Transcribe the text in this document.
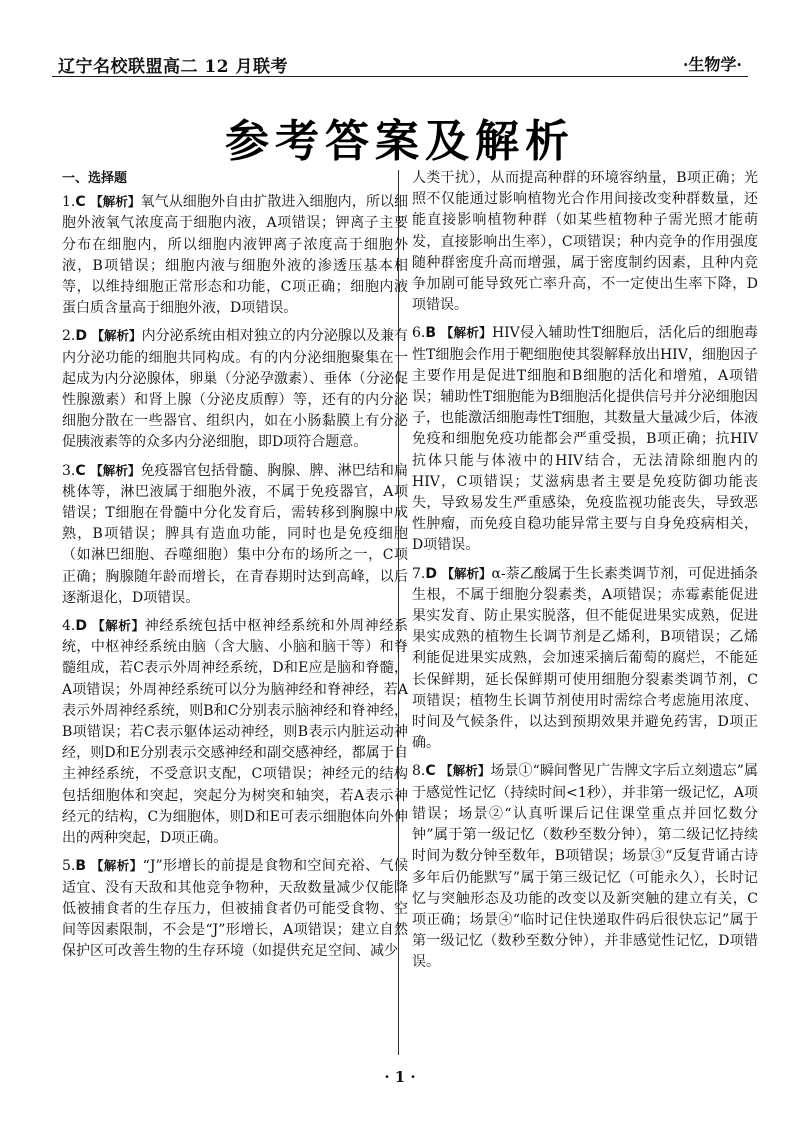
辽宁名校联盟高二 12 月联考	·生物学·
参考答案及解析
一、选择题
1.C 【解析】氧气从细胞外自由扩散进入细胞内，所以细胞外液氧气浓度高于细胞内液，A项错误；钾离子主要分布在细胞内，所以细胞内液钾离子浓度高于细胞外液，B项错误；细胞内液与细胞外液的渗透压基本相等，以维持细胞正常形态和功能，C项正确；细胞内液蛋白质含量高于细胞外液，D项错误。
2.D 【解析】内分泌系统由相对独立的内分泌腺以及兼有内分泌功能的细胞共同构成。有的内分泌细胞聚集在一起成为内分泌腺体，卵巢（分泌孕激素）、垂体（分泌促性腺激素）和肾上腺（分泌皮质醇）等，还有的内分泌细胞分散在一些器官、组织内，如在小肠黏膜上有分泌促胰液素等的众多内分泌细胞，即D项符合题意。
3.C 【解析】免疫器官包括骨髓、胸腺、脾、淋巴结和扁桃体等，淋巴液属于细胞外液，不属于免疫器官，A项错误；T细胞在骨髓中分化发育后，需转移到胸腺中成熟，B项错误；脾具有造血功能，同时也是免疫细胞（如淋巴细胞、吞噬细胞）集中分布的场所之一，C项正确；胸腺随年龄而增长，在青春期时达到高峰，以后逐渐退化，D项错误。
4.D 【解析】神经系统包括中枢神经系统和外周神经系统，中枢神经系统由脑（含大脑、小脑和脑干等）和脊髓组成，若C表示外周神经系统，D和E应是脑和脊髓，A项错误；外周神经系统可以分为脑神经和脊神经，若A表示外周神经系统，则B和C分别表示脑神经和脊神经，B项错误；若C表示躯体运动神经，则B表示内脏运动神经，则D和E分别表示交感神经和副交感神经，都属于自主神经系统，不受意识支配，C项错误；神经元的结构包括细胞体和突起，突起分为树突和轴突，若A表示神经元的结构，C为细胞体，则D和E可表示细胞体向外伸出的两种突起，D项正确。
5.B 【解析】“J”形增长的前提是食物和空间充裕、气候适宜、没有天敌和其他竞争物种，天敌数量减少仅能降低被捕食者的生存压力，但被捕食者仍可能受食物、空间等因素限制，不会是“J”形增长，A项错误；建立自然保护区可改善生物的生存环境（如提供充足空间、减少
人类干扰），从而提高种群的环境容纳量，B项正确；光照不仅能通过影响植物光合作用间接改变种群数量，还能直接影响植物种群（如某些植物种子需光照才能萌发，直接影响出生率），C项错误；种内竞争的作用强度随种群密度升高而增强，属于密度制约因素，且种内竞争加剧可能导致死亡率升高，不一定使出生率下降，D项错误。
6.B 【解析】HIV侵入辅助性T细胞后，活化后的细胞毒性T细胞会作用于靶细胞使其裂解释放出HIV，细胞因子主要作用是促进T细胞和B细胞的活化和增殖，A项错误；辅助性T细胞能为B细胞活化提供信号并分泌细胞因子，也能激活细胞毒性T细胞，其数量大量减少后，体液免疫和细胞免疫功能都会严重受损，B项正确；抗HIV抗体只能与体液中的HIV结合，无法清除细胞内的HIV，C项错误；艾滋病患者主要是免疫防御功能丧失，导致易发生严重感染，免疫监视功能丧失，导致恶性肿瘤，而免疫自稳功能异常主要与自身免疫病相关，D项错误。
7.D 【解析】α-萘乙酸属于生长素类调节剂，可促进插条生根，不属于细胞分裂素类，A项错误；赤霉素能促进果实发育、防止果实脱落，但不能促进果实成熟，促进果实成熟的植物生长调节剂是乙烯利，B项错误；乙烯利能促进果实成熟，会加速采摘后葡萄的腐烂，不能延长保鲜期，延长保鲜期可使用细胞分裂素类调节剂，C项错误；植物生长调节剂使用时需综合考虑施用浓度、时间及气候条件，以达到预期效果并避免药害，D项正确。
8.C 【解析】场景①“瞬间瞥见广告牌文字后立刻遗忘”属于感觉性记忆（持续时间<1秒），并非第一级记忆，A项错误；场景②“认真听课后记住课堂重点并回忆数分钟”属于第一级记忆（数秒至数分钟），第二级记忆持续时间为数分钟至数年，B项错误；场景③“反复背诵古诗多年后仍能默写”属于第三级记忆（可能永久），长时记忆与突触形态及功能的改变以及新突触的建立有关，C项正确；场景④“临时记住快递取件码后很快忘记”属于第一级记忆（数秒至数分钟），并非感觉性记忆，D项错误。
· 1 ·
